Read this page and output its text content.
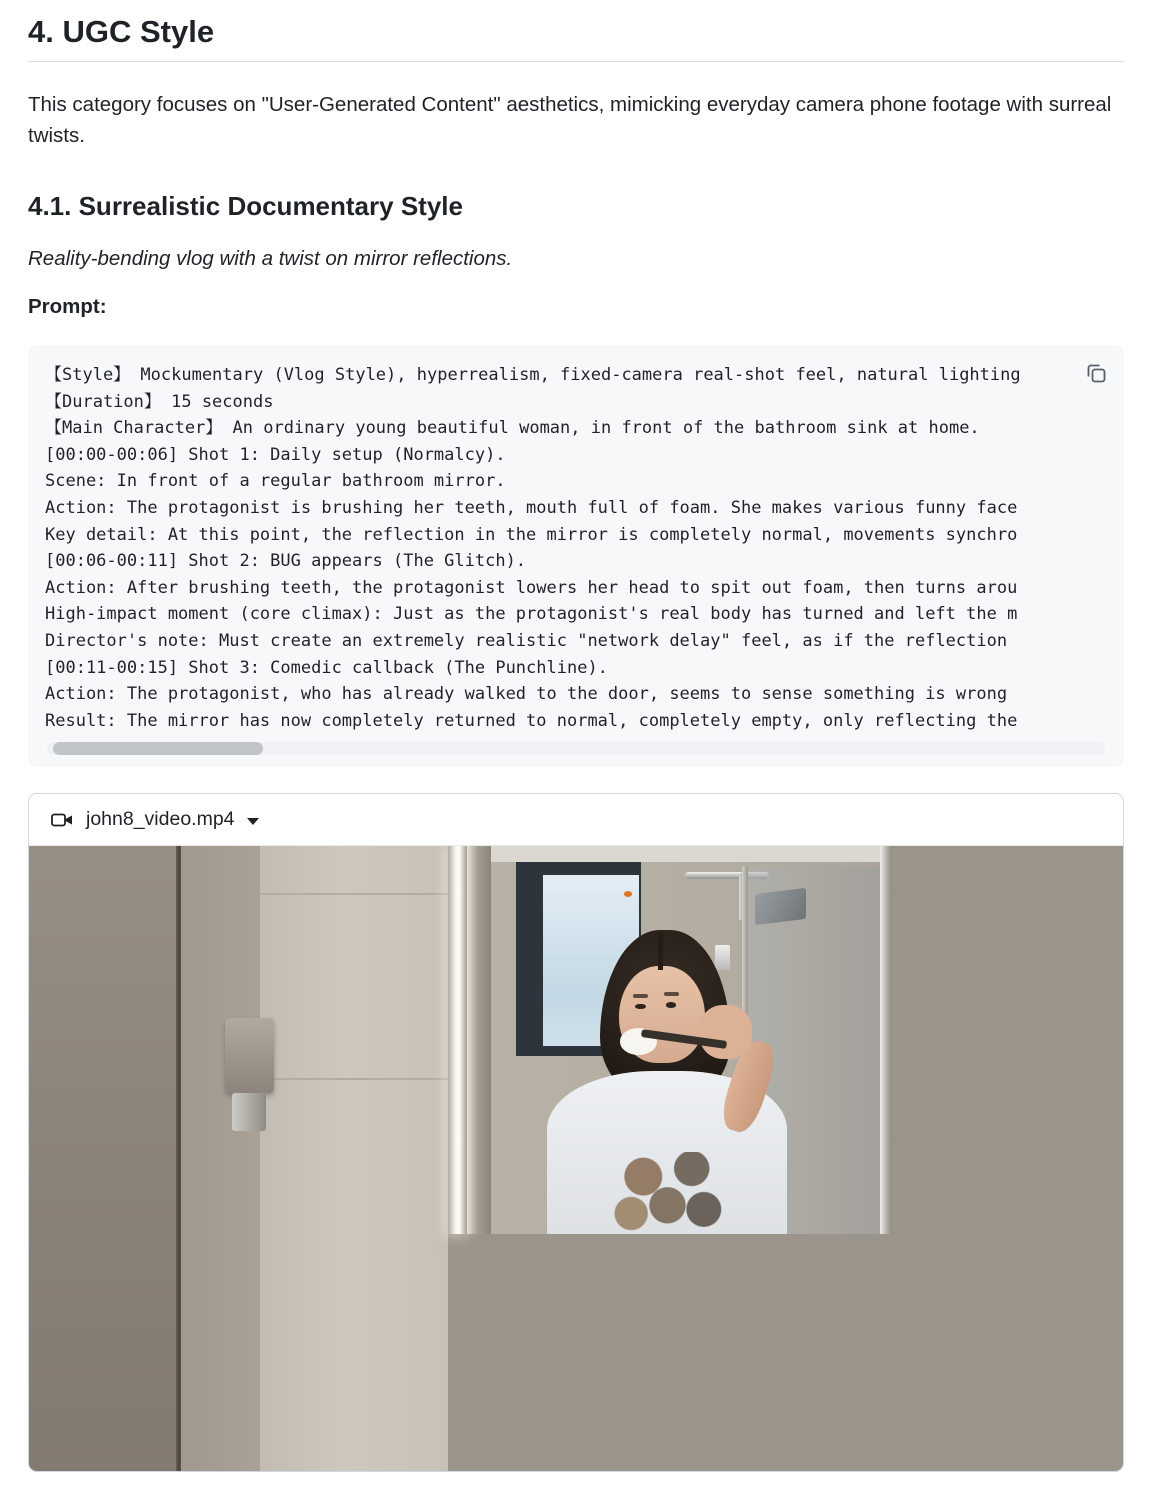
4. UGC Style

This category focuses on "User-Generated Content" aesthetics, mimicking everyday camera phone footage with surreal twists.

4.1. Surrealistic Documentary Style

Reality-bending vlog with a twist on mirror reflections.

Prompt:

【Style】 Mockumentary (Vlog Style), hyperrealism, fixed-camera real-shot feel, natural lighting
【Duration】 15 seconds
【Main Character】 An ordinary young beautiful woman, in front of the bathroom sink at home.
[00:00-00:06] Shot 1: Daily setup (Normalcy).
Scene: In front of a regular bathroom mirror.
Action: The protagonist is brushing her teeth, mouth full of foam. She makes various funny face
Key detail: At this point, the reflection in the mirror is completely normal, movements synchro
[00:06-00:11] Shot 2: BUG appears (The Glitch).
Action: After brushing teeth, the protagonist lowers her head to spit out foam, then turns arou
High-impact moment (core climax): Just as the protagonist's real body has turned and left the m
Director's note: Must create an extremely realistic "network delay" feel, as if the reflection
[00:11-00:15] Shot 3: Comedic callback (The Punchline).
Action: The protagonist, who has already walked to the door, seems to sense something is wrong
Result: The mirror has now completely returned to normal, completely empty, only reflecting the
john8_video.mp4
